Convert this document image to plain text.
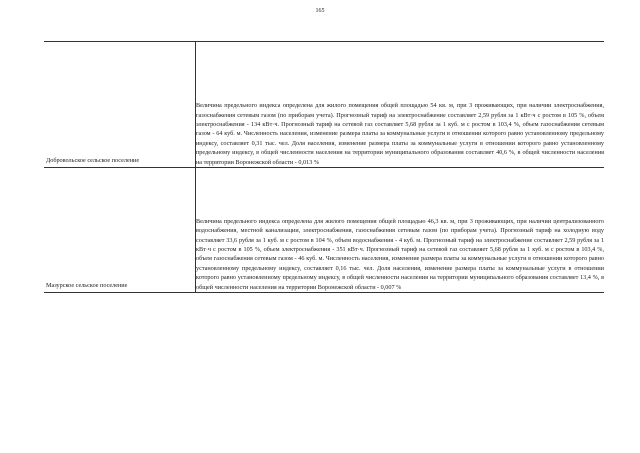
165
Добровольское сельское поселение	Величина предельного индекса определена для жилого помещения общей площадью 54 кв. м, при 3 проживающих, при наличии электроснабжения, газоснабжения сетевым газом (по приборам учета). Прогнозный тариф на электроснабжение составляет 2,59 рубля за 1 кВт·ч с ростом в 105 %, объем электроснабжения - 134 кВт·ч. Прогнозный тариф на сетевой газ составляет 5,68 рубля за 1 куб. м с ростом в 103,4 %, объем газоснабжения сетевым газом - 64 куб. м. Численность населения, изменение размера платы за коммунальные услуги в отношении которого равно установленному предельному индексу, составляет 0,31 тыс. чел. Доля населения, изменение размера платы за коммунальные услуги в отношении которого равно установленному предельному индексу, в общей численности населения на территории муниципального образования составляет 40,6 %, в общей численности населения на территории Воронежской области - 0,013 %

Мазурское сельское поселение	Величина предельного индекса определена для жилого помещения общей площадью 46,3 кв. м, при 3 проживающих, при наличии централизованного водоснабжения, местной канализации, электроснабжения, газоснабжения сетевым газом (по приборам учета). Прогнозный тариф на холодную воду составляет 33,6 рубля за 1 куб. м с ростом в 104 %, объем водоснабжения - 4 куб. м. Прогнозный тариф на электроснабжение составляет 2,59 рубля за 1 кВт·ч с ростом в 105 %, объем электроснабжения - 351 кВт·ч. Прогнозный тариф на сетевой газ составляет 5,68 рубля за 1 куб. м с ростом в 103,4 %, объем газоснабжения сетевым газом - 46 куб. м. Численность населения, изменение размера платы за коммунальные услуги в отношении которого равно установленному предельному индексу, составляет 0,16 тыс. чел. Доля населения, изменение размера платы за коммунальные услуги в отношении которого равно установленному предельному индексу, в общей численности населения на территории муниципального образования составляет 13,4 %, в общей численности населения на территории Воронежской области - 0,007 %
